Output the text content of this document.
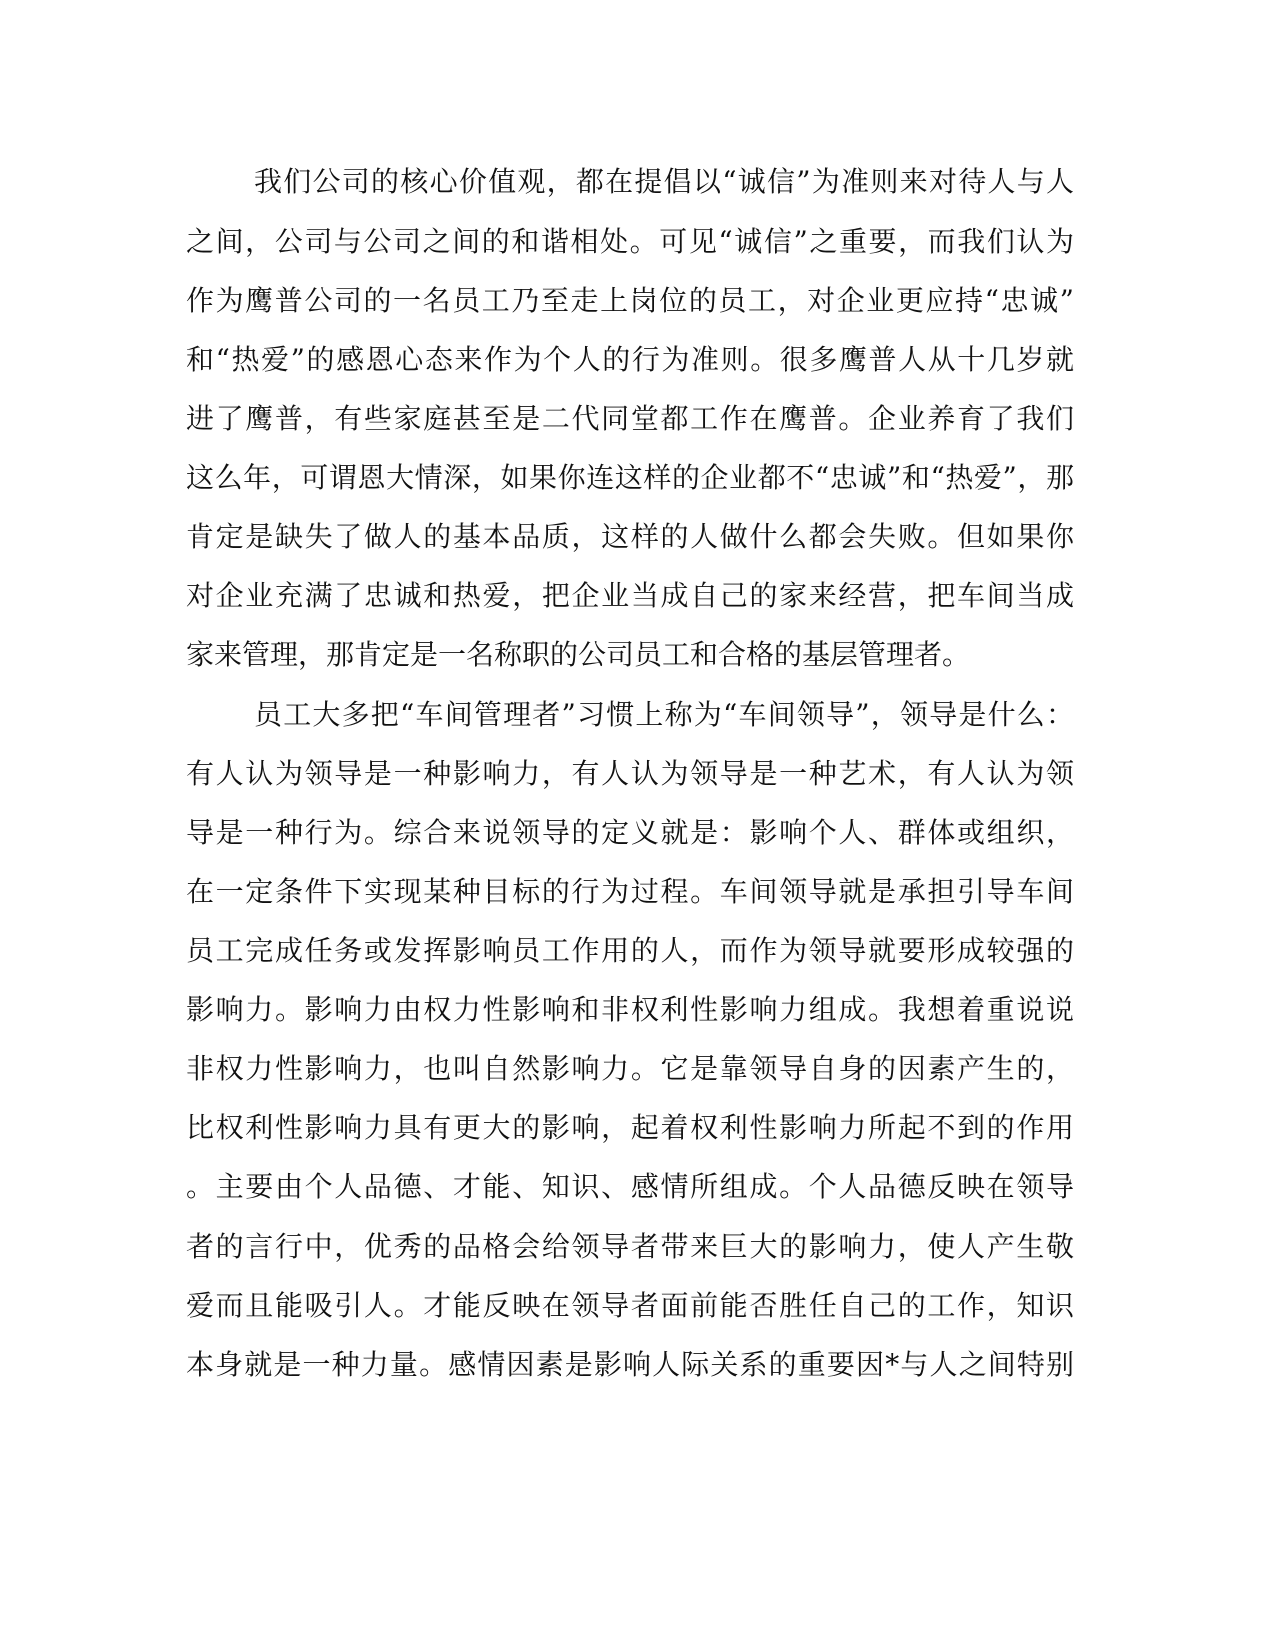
我们公司的核心价值观，都在提倡以“诚信”为准则来对待人与人
之间，公司与公司之间的和谐相处。可见“诚信”之重要，而我们认为
作为鹰普公司的一名员工乃至走上岗位的员工，对企业更应持“忠诚”
和“热爱”的感恩心态来作为个人的行为准则。很多鹰普人从十几岁就
进了鹰普，有些家庭甚至是二代同堂都工作在鹰普。企业养育了我们
这么年，可谓恩大情深，如果你连这样的企业都不“忠诚”和“热爱”，那
肯定是缺失了做人的基本品质，这样的人做什么都会失败。但如果你
对企业充满了忠诚和热爱，把企业当成自己的家来经营，把车间当成
家来管理，那肯定是一名称职的公司员工和合格的基层管理者。
员工大多把“车间管理者”习惯上称为“车间领导”，领导是什么：
有人认为领导是一种影响力，有人认为领导是一种艺术，有人认为领
导是一种行为。综合来说领导的定义就是：影响个人、群体或组织，
在一定条件下实现某种目标的行为过程。车间领导就是承担引导车间
员工完成任务或发挥影响员工作用的人，而作为领导就要形成较强的
影响力。影响力由权力性影响和非权利性影响力组成。我想着重说说
非权力性影响力，也叫自然影响力。它是靠领导自身的因素产生的，
比权利性影响力具有更大的影响，起着权利性影响力所起不到的作用
。主要由个人品德、才能、知识、感情所组成。个人品德反映在领导
者的言行中，优秀的品格会给领导者带来巨大的影响力，使人产生敬
爱而且能吸引人。才能反映在领导者面前能否胜任自己的工作，知识
本身就是一种力量。感情因素是影响人际关系的重要因*与人之间特别
